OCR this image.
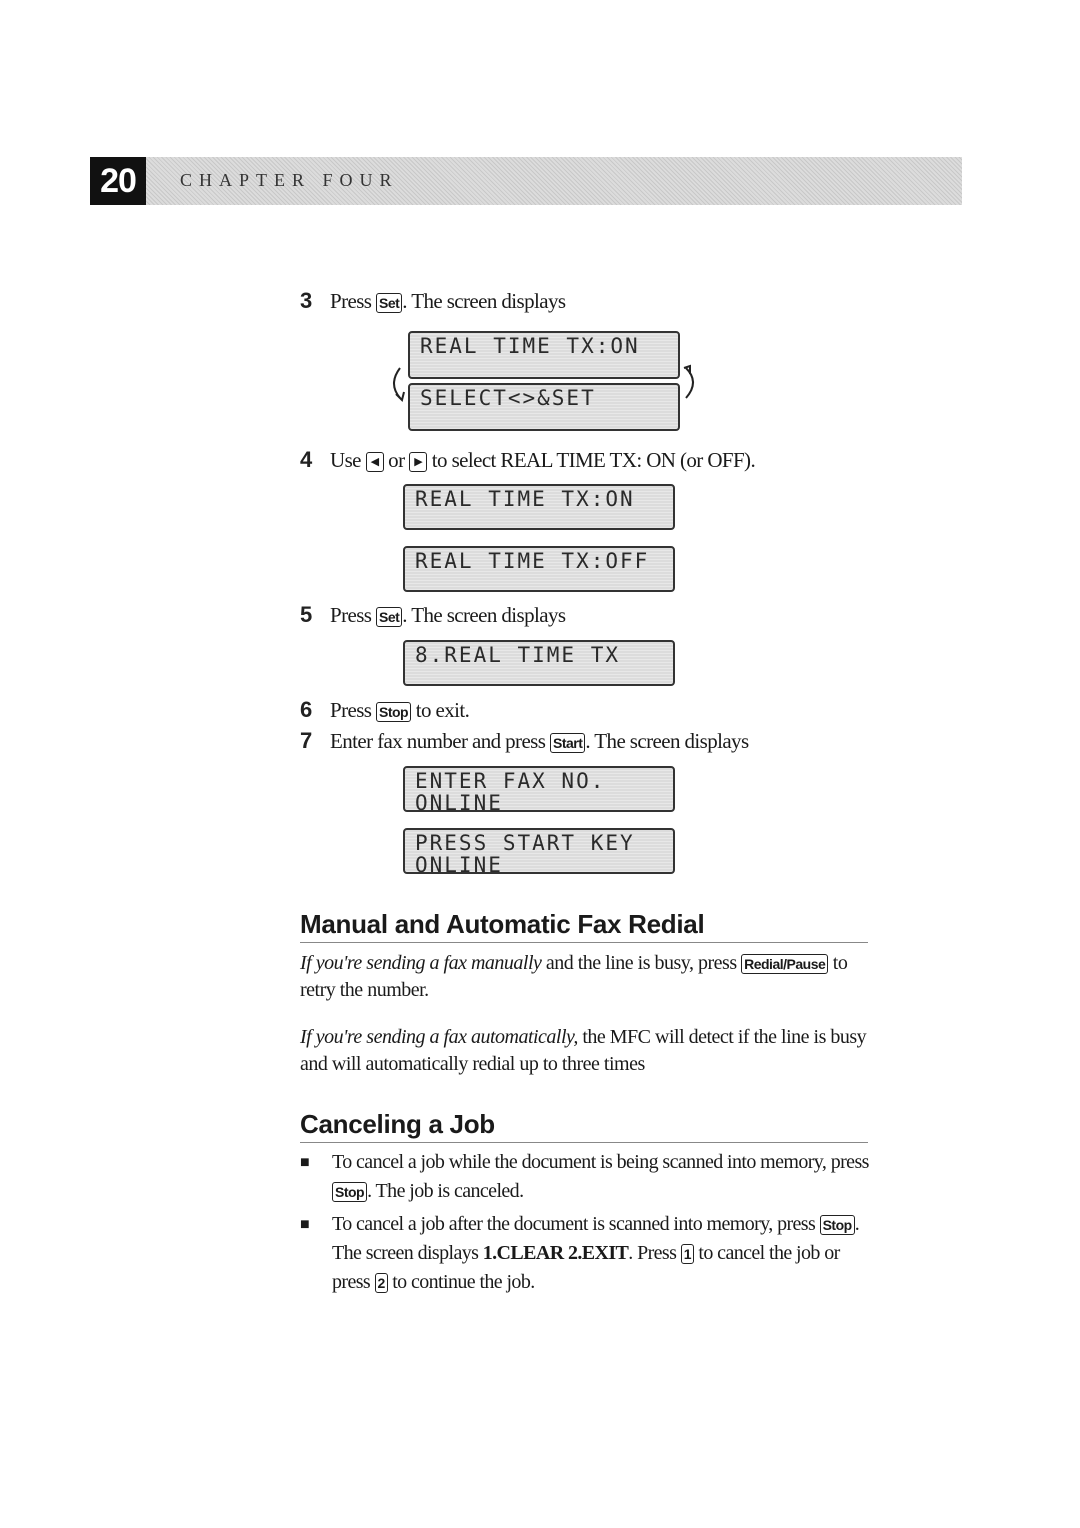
20	CHAPTER FOUR
3 Press Set . The screen displays
REAL TIME TX:ON
SELECT<>&SET
4 Use ◀ or ▶ to select REAL TIME TX: ON (or OFF).
REAL TIME TX:ON
REAL TIME TX:OFF
5 Press Set . The screen displays
8.REAL TIME TX
6 Press Stop to exit.
7 Enter fax number and press Start . The screen displays
ENTER FAX NO.
ONLINE
PRESS START KEY
ONLINE
Manual and Automatic Fax Redial
If you're sending a fax manually and the line is busy, press Redial/Pause to retry the number.
If you're sending a fax automatically, the MFC will detect if the line is busy and will automatically redial up to three times
Canceling a Job
■ To cancel a job while the document is being scanned into memory, press Stop . The job is canceled.
■ To cancel a job after the document is scanned into memory, press Stop . The screen displays 1.CLEAR 2.EXIT. Press 1 to cancel the job or press 2 to continue the job.
